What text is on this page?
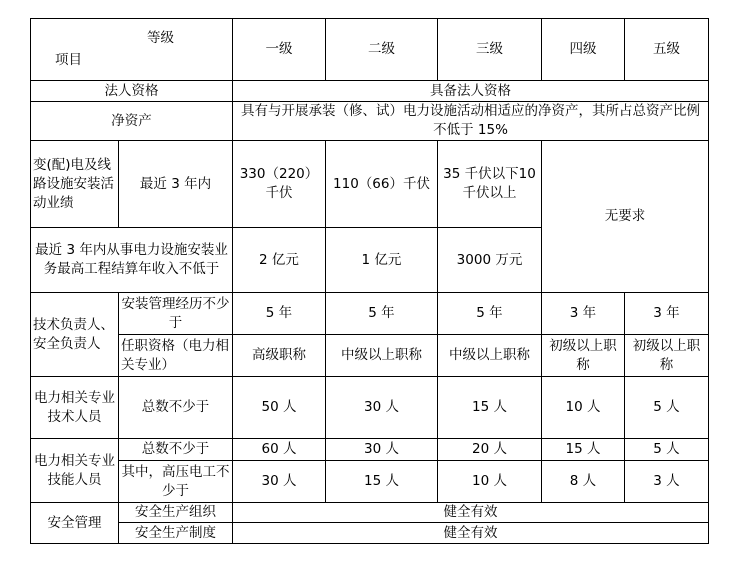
等级
项目		一级	二级	三级	四级	五级
法人资格		具备法人资格				
净资产		具有与开展承装（修、试）电力设施活动相适应的净资产，其所占总资产比例不低于 15%				
变(配)电及线路设施安装活动业绩	最近 3 年内	330（220）千伏	110（66）千伏	35 千伏以下10 千伏以上	无要求	
最近 3 年内从事电力设施安装业务最高工程结算年收入不低于		2 亿元	1 亿元	3000 万元		
技术负责人、安全负责人	安装管理经历不少于	5 年	5 年	5 年	3 年	3 年
	任职资格（电力相关专业）	高级职称	中级以上职称	中级以上职称	初级以上职称	初级以上职称
电力相关专业技术人员	总数不少于	50 人	30 人	15 人	10 人	5 人
电力相关专业技能人员	总数不少于	60 人	30 人	20 人	15 人	5 人
	其中，高压电工不少于	30 人	15 人	10 人	8 人	3 人
安全管理	安全生产组织	健全有效				
	安全生产制度	健全有效				
